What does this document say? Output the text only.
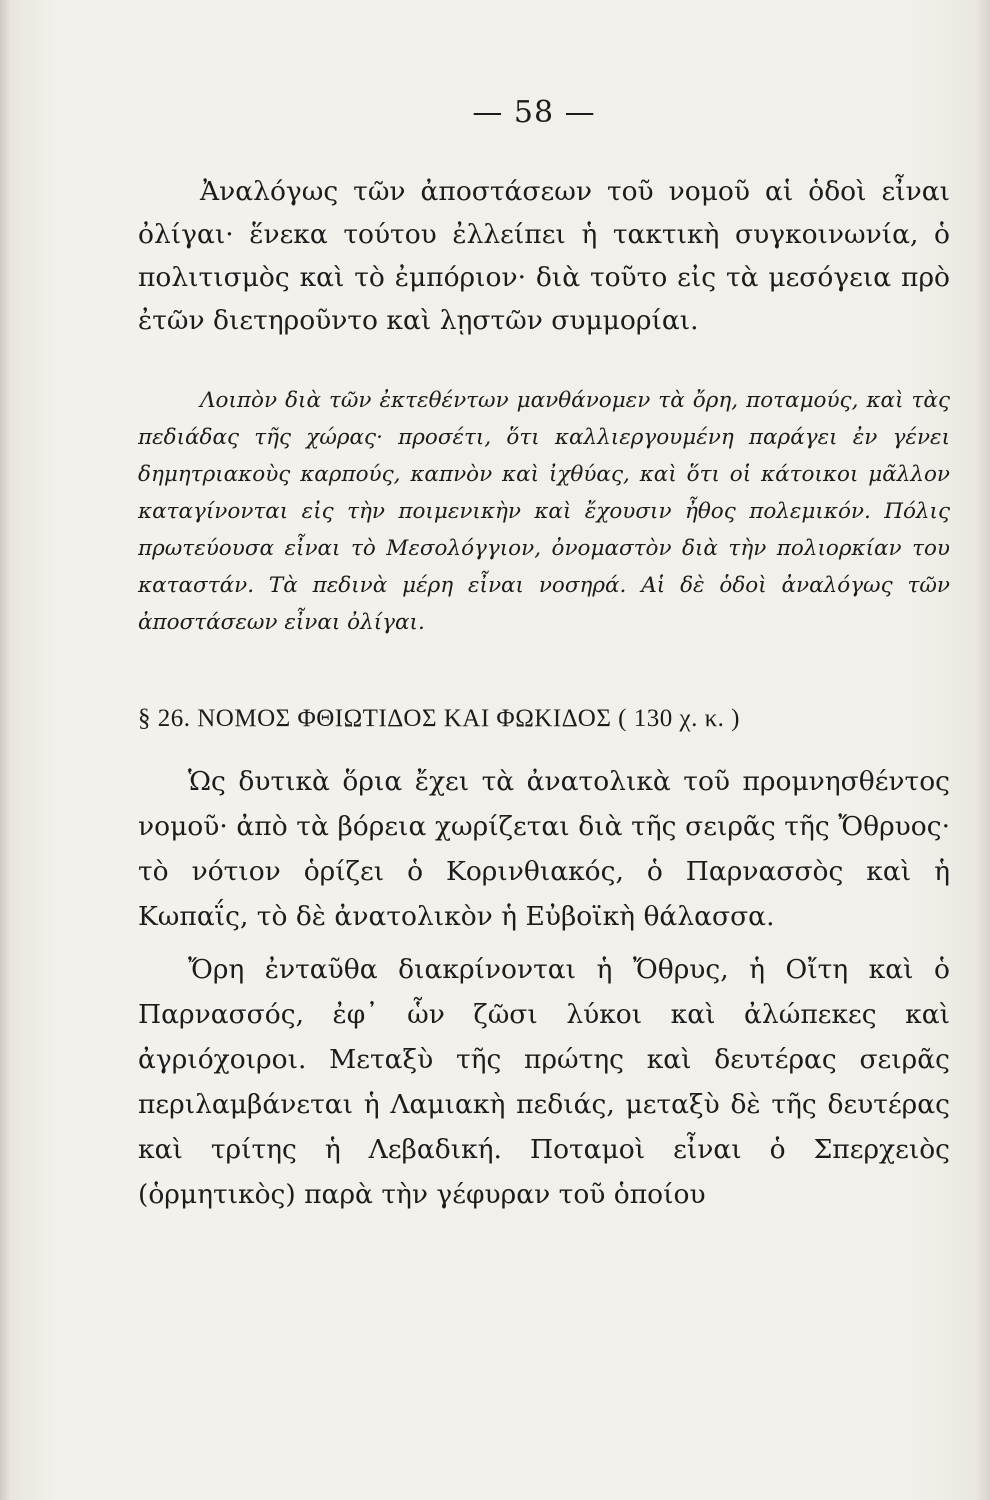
— 58 —

Ἀναλόγως τῶν ἀποστάσεων τοῦ νομοῦ αἱ ὁδοὶ εἶναι ὀλίγαι· ἕνεκα τούτου ἐλλείπει ἡ τακτικὴ συγκοινωνία, ὁ πολιτισμὸς καὶ τὸ ἐμπόριον· διὰ τοῦτο εἰς τὰ μεσόγεια πρὸ ἐτῶν διετηροῦντο καὶ λῃστῶν συμμορίαι.

Λοιπὸν διὰ τῶν ἐκτεθέντων μανθάνομεν τὰ ὄρη, ποταμούς, καὶ τὰς πεδιάδας τῆς χώρας· προσέτι, ὅτι καλλιεργουμένη παράγει ἐν γένει δημητριακοὺς καρπούς, καπνὸν καὶ ἰχθύας, καὶ ὅτι οἱ κάτοικοι μᾶλλον καταγίνονται εἰς τὴν ποιμενικὴν καὶ ἔχουσιν ἦθος πολεμικόν. Πόλις πρωτεύουσα εἶναι τὸ Μεσολόγγιον, ὀνομαστὸν διὰ τὴν πολιορκίαν του καταστάν. Τὰ πεδινὰ μέρη εἶναι νοσηρά. Αἱ δὲ ὁδοὶ ἀναλόγως τῶν ἀποστάσεων εἶναι ὀλίγαι.

§ 26. ΝΟΜΟΣ ΦΘΙΩΤΙΔΟΣ ΚΑΙ ΦΩΚΙΔΟΣ ( 130 χ. κ. )

Ὡς δυτικὰ ὅρια ἔχει τὰ ἀνατολικὰ τοῦ προμνησθέντος νομοῦ· ἀπὸ τὰ βόρεια χωρίζεται διὰ τῆς σειρᾶς τῆς Ὄθρυος· τὸ νότιον ὁρίζει ὁ Κορινθιακός, ὁ Παρνασσὸς καὶ ἡ Κωπαΐς, τὸ δὲ ἀνατολικὸν ἡ Εὐβοϊκὴ θάλασσα.

Ὄρη ἐνταῦθα διακρίνονται ἡ Ὄθρυς, ἡ Οἴτη καὶ ὁ Παρνασσός, ἐφ᾽ ὧν ζῶσι λύκοι καὶ ἀλώπεκες καὶ ἀγριόχοιροι. Μεταξὺ τῆς πρώτης καὶ δευτέρας σειρᾶς περιλαμβάνεται ἡ Λαμιακὴ πεδιάς, μεταξὺ δὲ τῆς δευτέρας καὶ τρίτης ἡ Λεβαδική. Ποταμοὶ εἶναι ὁ Σπερχειὸς (ὁρμητικὸς) παρὰ τὴν γέφυραν τοῦ ὁποίου
